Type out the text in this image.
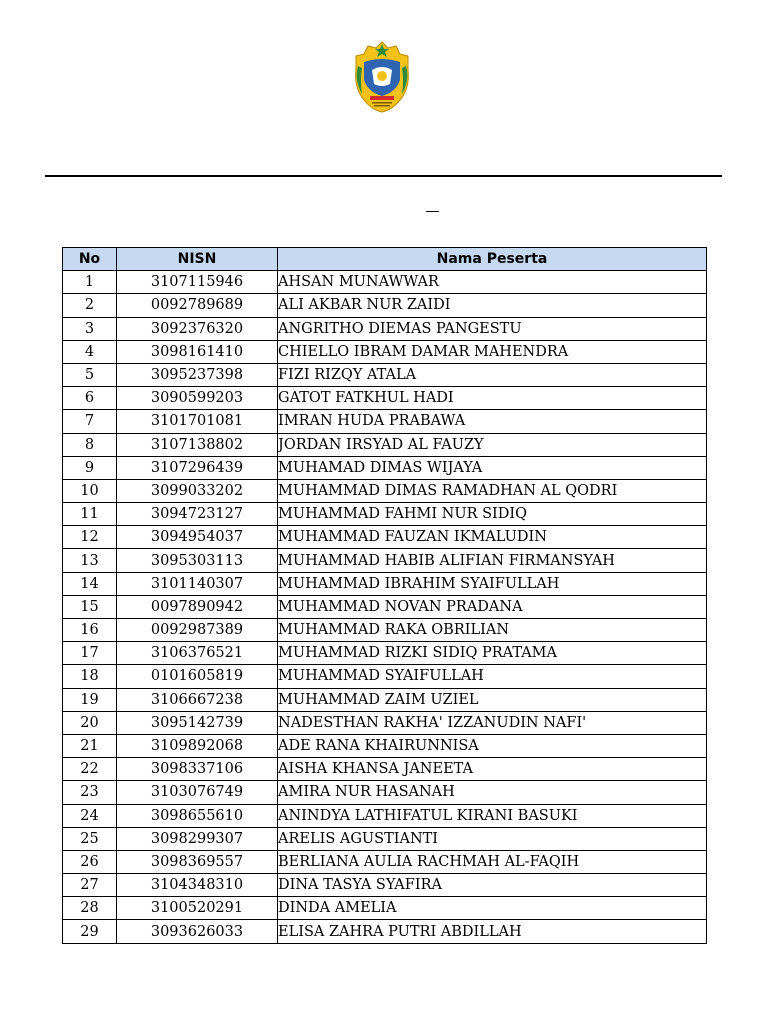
No	NISN	Nama Peserta
1	3107115946	AHSAN MUNAWWAR
2	0092789689	ALI AKBAR NUR ZAIDI
3	3092376320	ANGRITHO DIEMAS PANGESTU
4	3098161410	CHIELLO IBRAM DAMAR MAHENDRA
5	3095237398	FIZI RIZQY ATALA
6	3090599203	GATOT FATKHUL HADI
7	3101701081	IMRAN HUDA PRABAWA
8	3107138802	JORDAN IRSYAD AL FAUZY
9	3107296439	MUHAMAD DIMAS WIJAYA
10	3099033202	MUHAMMAD DIMAS RAMADHAN AL QODRI
11	3094723127	MUHAMMAD FAHMI NUR SIDIQ
12	3094954037	MUHAMMAD FAUZAN IKMALUDIN
13	3095303113	MUHAMMAD HABIB ALIFIAN FIRMANSYAH
14	3101140307	MUHAMMAD IBRAHIM SYAIFULLAH
15	0097890942	MUHAMMAD NOVAN PRADANA
16	0092987389	MUHAMMAD RAKA OBRILIAN
17	3106376521	MUHAMMAD RIZKI SIDIQ PRATAMA
18	0101605819	MUHAMMAD SYAIFULLAH
19	3106667238	MUHAMMAD ZAIM UZIEL
20	3095142739	NADESTHAN RAKHA' IZZANUDIN NAFI'
21	3109892068	ADE RANA KHAIRUNNISA
22	3098337106	AISHA KHANSA JANEETA
23	3103076749	AMIRA NUR HASANAH
24	3098655610	ANINDYA LATHIFATUL KIRANI BASUKI
25	3098299307	ARELIS AGUSTIANTI
26	3098369557	BERLIANA AULIA RACHMAH AL-FAQIH
27	3104348310	DINA TASYA SYAFIRA
28	3100520291	DINDA AMELIA
29	3093626033	ELISA ZAHRA PUTRI ABDILLAH
